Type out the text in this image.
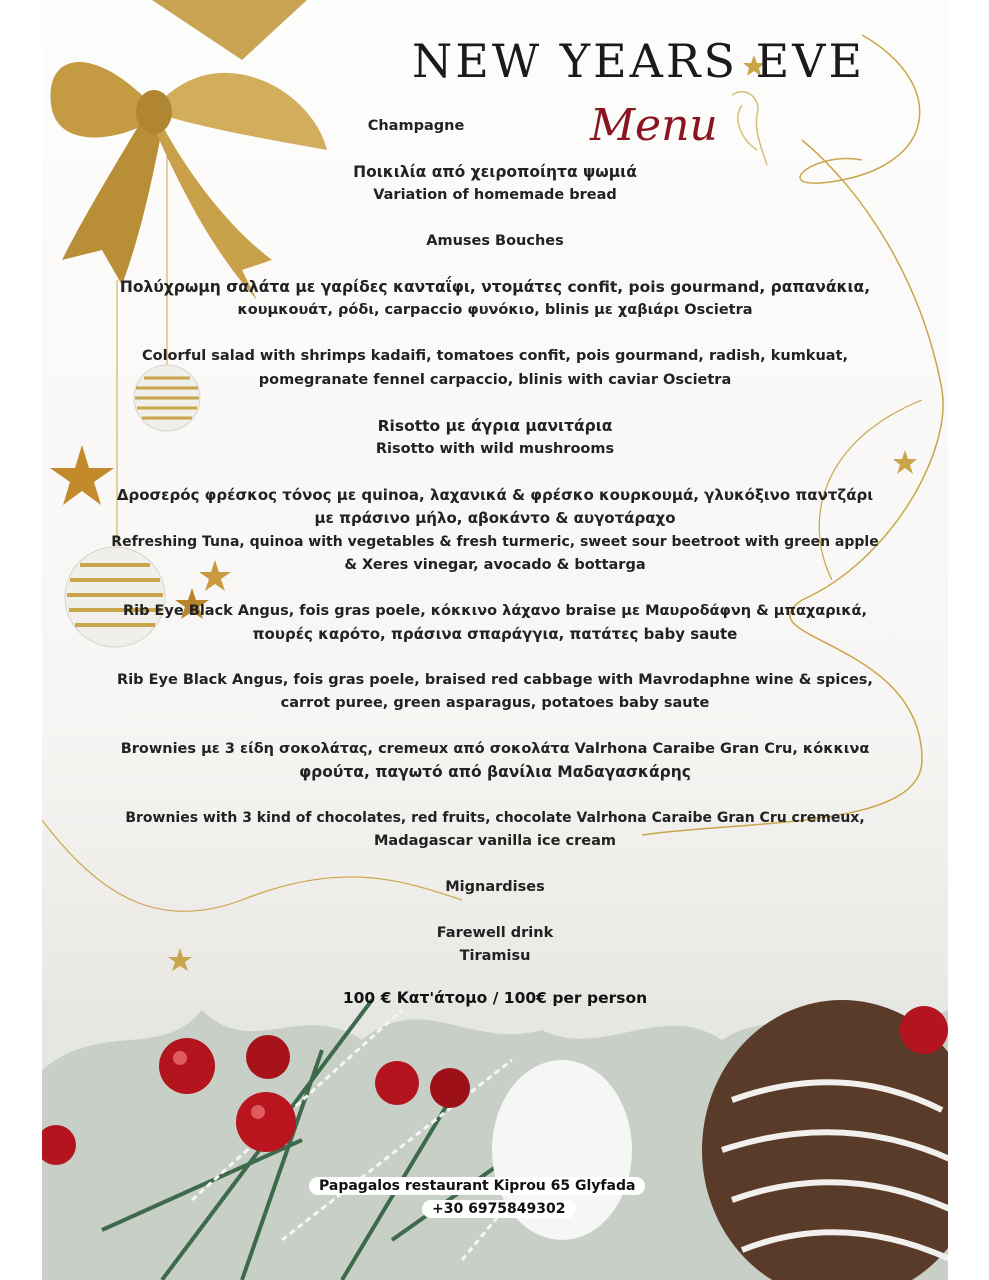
NEW YEARS EVE
Menu
Champagne
Ποικιλία από χειροποίητα ψωμιά
Variation of homemade bread
Amuses Bouches
Πολύχρωμη σαλάτα με γαρίδες κανταΐφι, ντομάτες confit, pois gourmand, ραπανάκια,
κουμκουάτ, ρόδι, carpaccio φυνόκιο, blinis με χαβιάρι Oscietra
Colorful salad with shrimps kadaifi, tomatoes confit, pois gourmand, radish, kumkuat,
pomegranate fennel carpaccio, blinis with caviar Oscietra
Risotto με άγρια μανιτάρια
Risotto with wild mushrooms
Δροσερός φρέσκος τόνος με quinoa, λαχανικά & φρέσκο κουρκουμά, γλυκόξινο παντζάρι
με πράσινο μήλο, αβοκάντο & αυγοτάραχο
Refreshing Tuna, quinoa with vegetables & fresh turmeric, sweet sour beetroot with green apple
& Xeres vinegar, avocado & bottarga
Rib Eye Black Angus, fois gras poele, κόκκινο λάχανο braise με Μαυροδάφνη & μπαχαρικά,
πουρές καρότο, πράσινα σπαράγγια, πατάτες baby saute
Rib Eye Black Angus, fois gras poele, braised red cabbage with Mavrodaphne wine & spices,
carrot puree, green asparagus, potatoes baby saute
Brownies με 3 είδη σοκολάτας, cremeux από σοκολάτα Valrhona Caraibe Gran Cru, κόκκινα
φρούτα, παγωτό από βανίλια Μαδαγασκάρης
Brownies with 3 kind of chocolates, red fruits, chocolate Valrhona Caraibe Gran Cru cremeux,
Madagascar vanilla ice cream
Mignardises
Farewell drink
Tiramisu
100 € Κατ'άτομο / 100€ per person
Papagalos restaurant Kiprou 65 Glyfada
+30 6975849302
